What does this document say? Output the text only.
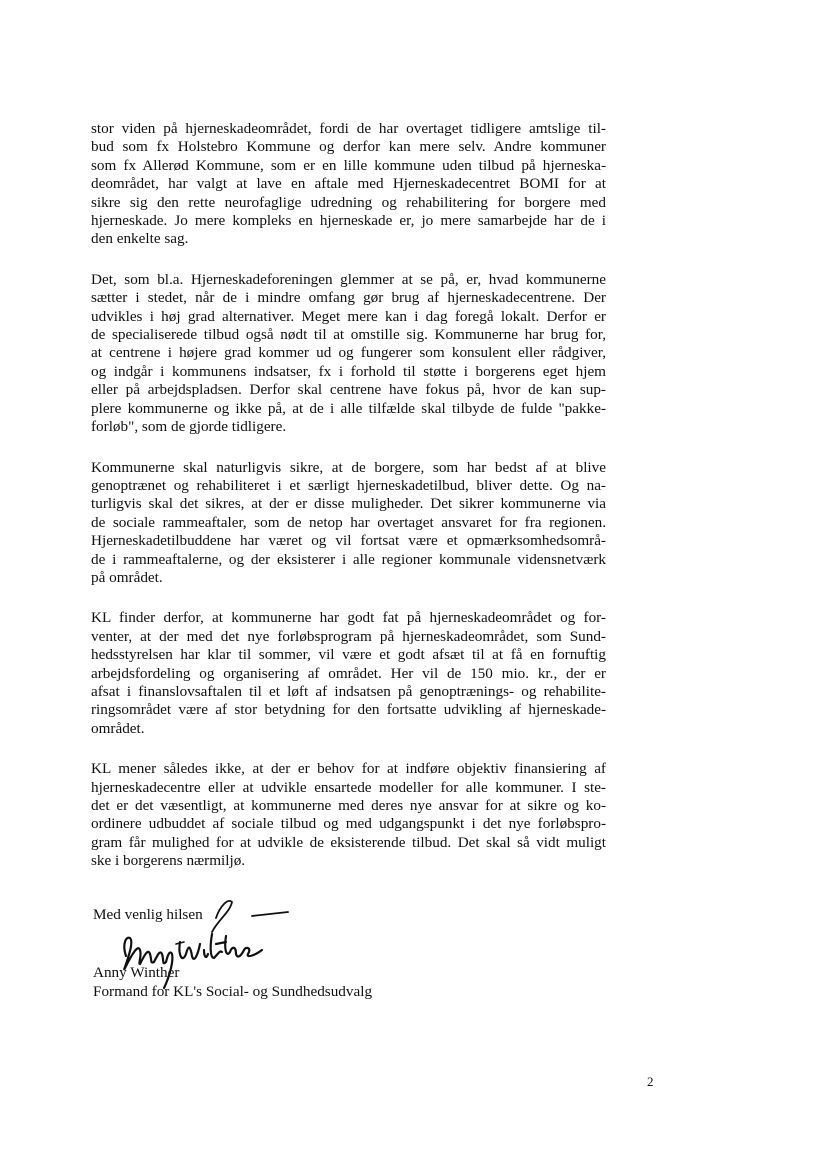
stor viden på hjerneskadeområdet, fordi de har overtaget tidligere amtslige til-
bud som fx Holstebro Kommune og derfor kan mere selv. Andre kommuner
som fx Allerød Kommune, som er en lille kommune uden tilbud på hjerneska-
deområdet, har valgt at lave en aftale med Hjerneskadecentret BOMI for at
sikre sig den rette neurofaglige udredning og rehabilitering for borgere med
hjerneskade. Jo mere kompleks en hjerneskade er, jo mere samarbejde har de i
den enkelte sag.

Det, som bl.a. Hjerneskadeforeningen glemmer at se på, er, hvad kommunerne
sætter i stedet, når de i mindre omfang gør brug af hjerneskadecentrene. Der
udvikles i høj grad alternativer. Meget mere kan i dag foregå lokalt. Derfor er
de specialiserede tilbud også nødt til at omstille sig. Kommunerne har brug for,
at centrene i højere grad kommer ud og fungerer som konsulent eller rådgiver,
og indgår i kommunens indsatser, fx i forhold til støtte i borgerens eget hjem
eller på arbejdspladsen. Derfor skal centrene have fokus på, hvor de kan sup-
plere kommunerne og ikke på, at de i alle tilfælde skal tilbyde de fulde "pakke-
forløb", som de gjorde tidligere.

Kommunerne skal naturligvis sikre, at de borgere, som har bedst af at blive
genoptrænet og rehabiliteret i et særligt hjerneskadetilbud, bliver dette. Og na-
turligvis skal det sikres, at der er disse muligheder. Det sikrer kommunerne via
de sociale rammeaftaler, som de netop har overtaget ansvaret for fra regionen.
Hjerneskadetilbuddene har været og vil fortsat være et opmærksomhedsområ-
de i rammeaftalerne, og der eksisterer i alle regioner kommunale vidensnetværk
på området.

KL finder derfor, at kommunerne har godt fat på hjerneskadeområdet og for-
venter, at der med det nye forløbsprogram på hjerneskadeområdet, som Sund-
hedsstyrelsen har klar til sommer, vil være et godt afsæt til at få en fornuftig
arbejdsfordeling og organisering af området. Her vil de 150 mio. kr., der er
afsat i finanslovsaftalen til et løft af indsatsen på genoptrænings- og rehabilite-
ringsområdet være af stor betydning for den fortsatte udvikling af hjerneskade-
området.

KL mener således ikke, at der er behov for at indføre objektiv finansiering af
hjerneskadecentre eller at udvikle ensartede modeller for alle kommuner. I ste-
det er det væsentligt, at kommunerne med deres nye ansvar for at sikre og ko-
ordinere udbuddet af sociale tilbud og med udgangspunkt i det nye forløbspro-
gram får mulighed for at udvikle de eksisterende tilbud. Det skal så vidt muligt
ske i borgerens nærmiljø.

Med venlig hilsen
Anny Winther
Formand for KL's Social- og Sundhedsudvalg
2
